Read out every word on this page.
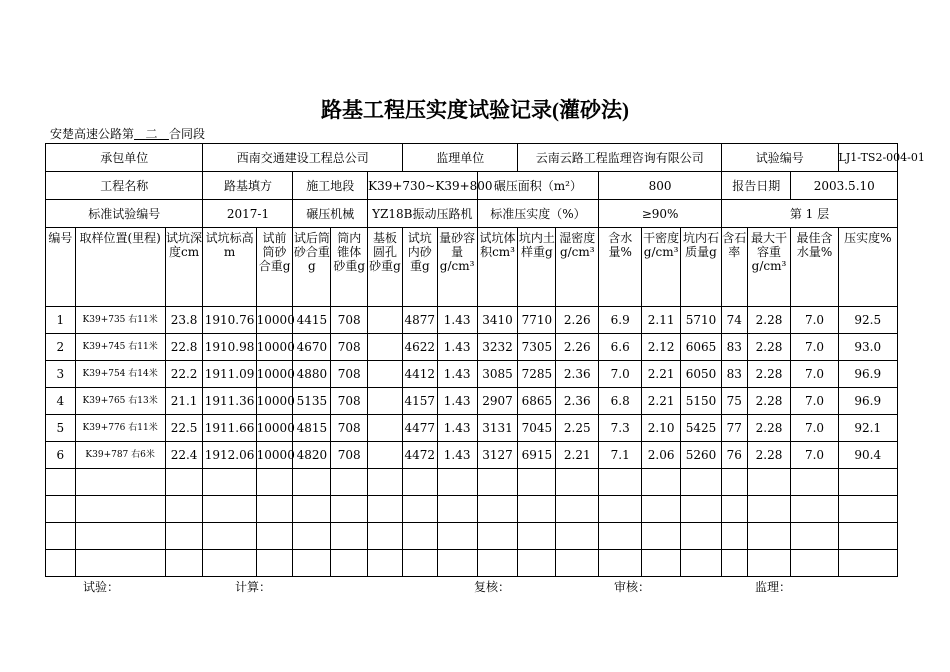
路基工程压实度试验记录(灌砂法)
安楚高速公路第 二 合同段
承包单位			西南交通建设工程总公司					监理单位			云南云路工程监理咨询有限公司					试验编号			LJ1-TS2-004-01
工程名称			路基填方		施工地段		K39+730~K39+800			碾压面积（m²）			800			报告日期		2003.5.10	
标准试验编号			2017-1		碾压机械		YZ18B振动压路机			标准压实度（%）			≥90%			第 1 层			
编号	取样位置(里程)	试坑深度cm	试坑标高m	试前筒砂合重g	试后筒砂合重g	筒内锥体砂重g	基板圆孔砂重g	试坑内砂重g	量砂容量g/cm³	试坑体积cm³	坑内土样重g	湿密度g/cm³	含水量%	干密度g/cm³	坑内石质量g	含石率	最大干容重g/cm³	最佳含水量%	压实度%
1	K39+735 右11米	23.8	1910.76	10000	4415	708		4877	1.43	3410	7710	2.26	6.9	2.11	5710	74	2.28	7.0	92.5
2	K39+745 右11米	22.8	1910.98	10000	4670	708		4622	1.43	3232	7305	2.26	6.6	2.12	6065	83	2.28	7.0	93.0
3	K39+754 右14米	22.2	1911.09	10000	4880	708		4412	1.43	3085	7285	2.36	7.0	2.21	6050	83	2.28	7.0	96.9
4	K39+765 右13米	21.1	1911.36	10000	5135	708		4157	1.43	2907	6865	2.36	6.8	2.21	5150	75	2.28	7.0	96.9
5	K39+776 右11米	22.5	1911.66	10000	4815	708		4477	1.43	3131	7045	2.25	7.3	2.10	5425	77	2.28	7.0	92.1
6	K39+787 右6米	22.4	1912.06	10000	4820	708		4472	1.43	3127	6915	2.21	7.1	2.06	5260	76	2.28	7.0	90.4

试验：	计算：	复核：	审核：	监理：
